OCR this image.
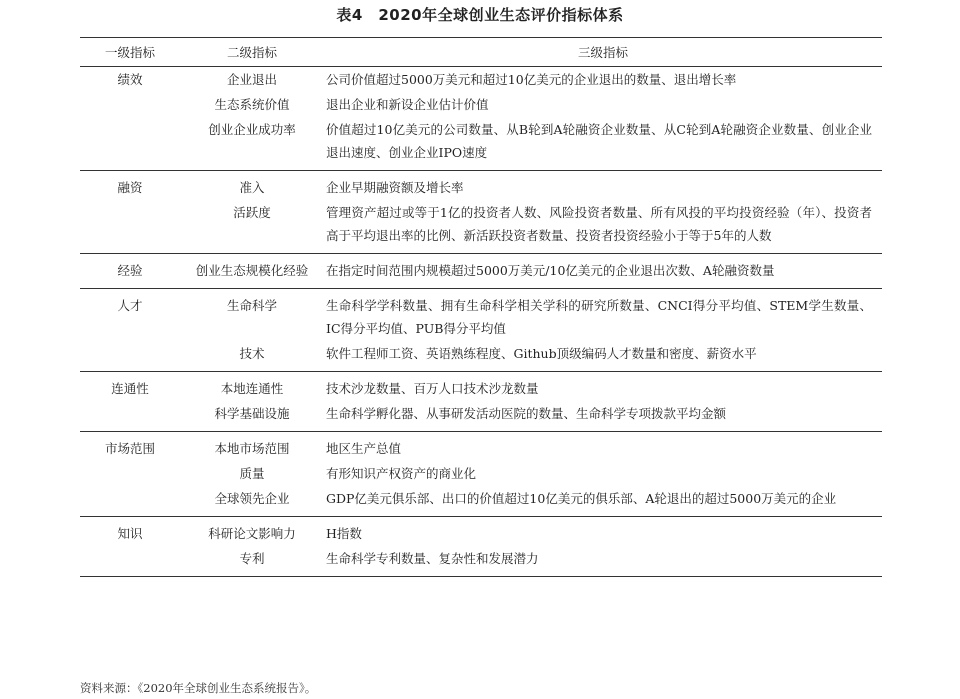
表4　2020年全球创业生态评价指标体系
一级指标	二级指标	三级指标
绩效	企业退出	公司价值超过5000万美元和超过10亿美元的企业退出的数量、退出增长率
	生态系统价值	退出企业和新设企业估计价值
	创业企业成功率	价值超过10亿美元的公司数量、从B轮到A轮融资企业数量、从C轮到A轮融资企业数量、创业企业退出速度、创业企业IPO速度
融资	准入	企业早期融资额及增长率
	活跃度	管理资产超过或等于1亿的投资者人数、风险投资者数量、所有风投的平均投资经验（年）、投资者高于平均退出率的比例、新活跃投资者数量、投资者投资经验小于等于5年的人数
经验	创业生态规模化经验	在指定时间范围内规模超过5000万美元/10亿美元的企业退出次数、A轮融资数量
人才	生命科学	生命科学学科数量、拥有生命科学相关学科的研究所数量、CNCI得分平均值、STEM学生数量、IC得分平均值、PUB得分平均值
	技术	软件工程师工资、英语熟练程度、Github顶级编码人才数量和密度、薪资水平
连通性	本地连通性	技术沙龙数量、百万人口技术沙龙数量
	科学基础设施	生命科学孵化器、从事研发活动医院的数量、生命科学专项拨款平均金额
市场范围	本地市场范围	地区生产总值
	质量	有形知识产权资产的商业化
	全球领先企业	GDP亿美元俱乐部、出口的价值超过10亿美元的俱乐部、A轮退出的超过5000万美元的企业
知识	科研论文影响力	H指数
	专利	生命科学专利数量、复杂性和发展潜力
资料来源：《2020年全球创业生态系统报告》。
